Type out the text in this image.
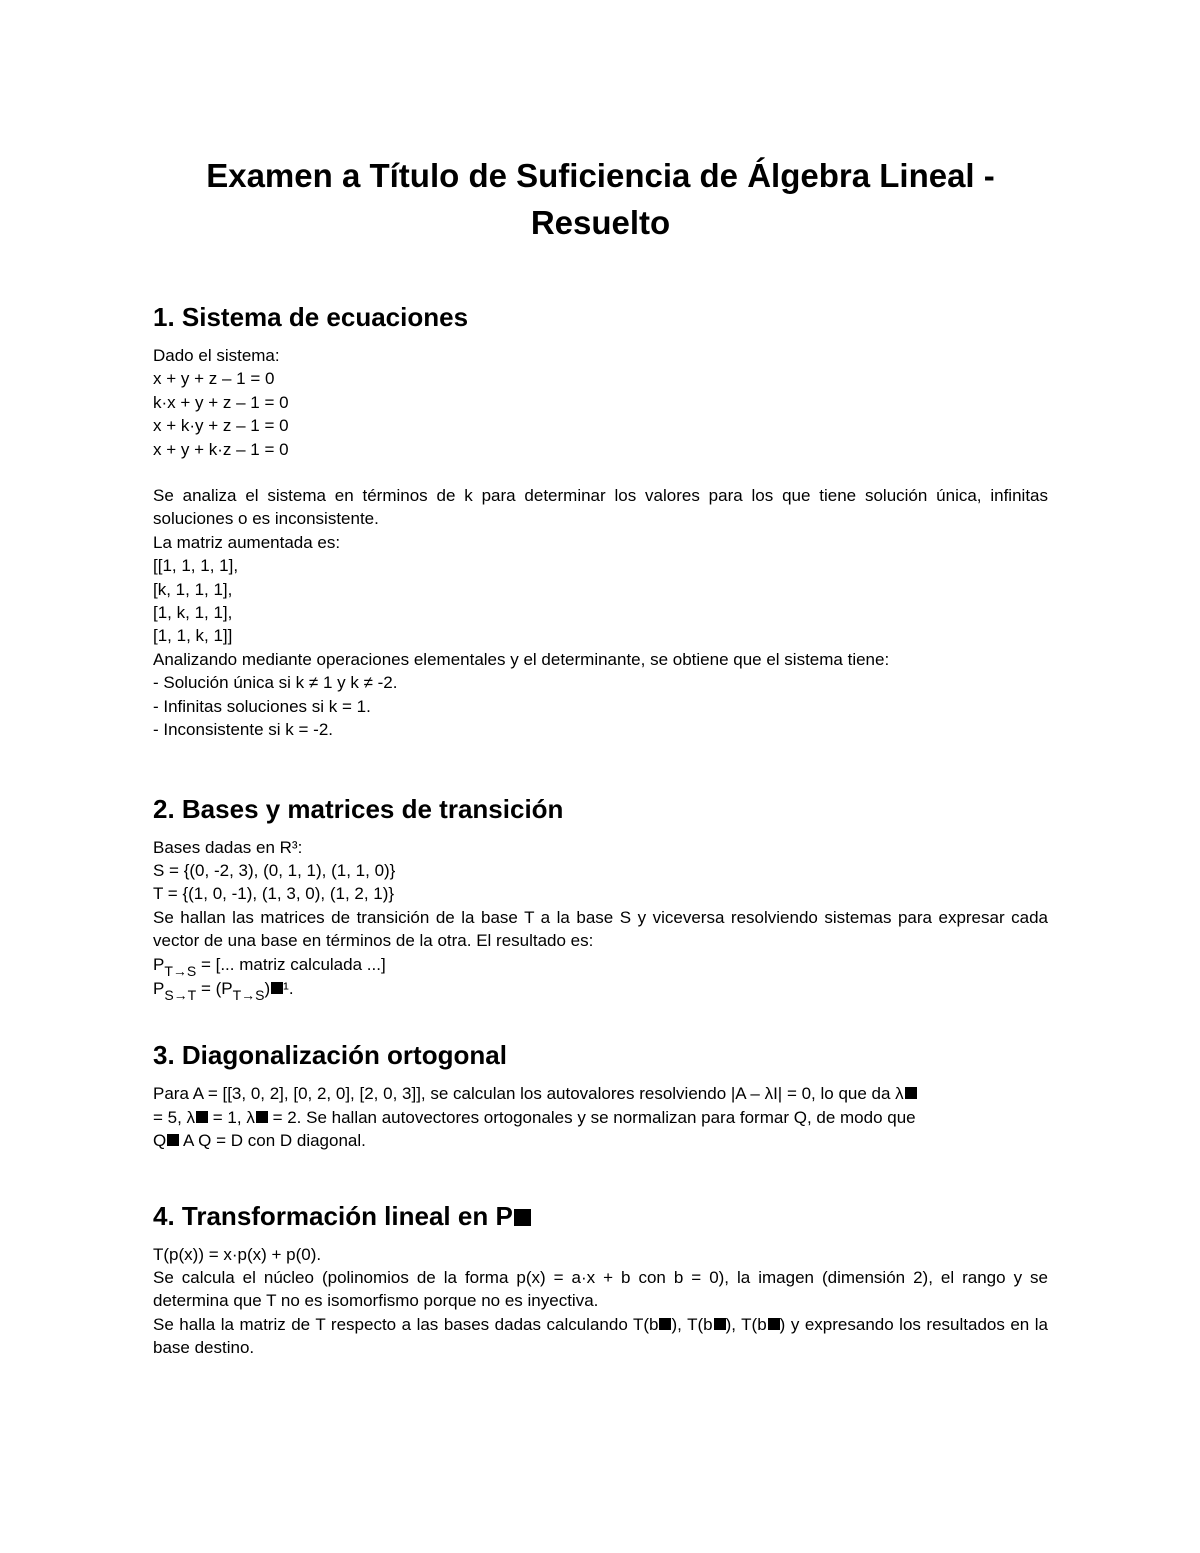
Examen a Título de Suficiencia de Álgebra Lineal - Resuelto
1. Sistema de ecuaciones
Dado el sistema:
x + y + z – 1 = 0
k·x + y + z – 1 = 0
x + k·y + z – 1 = 0
x + y + k·z – 1 = 0
Se analiza el sistema en términos de k para determinar los valores para los que tiene solución única, infinitas soluciones o es inconsistente.
La matriz aumentada es:
[[1, 1, 1, 1],
[k, 1, 1, 1],
[1, k, 1, 1],
[1, 1, k, 1]]
Analizando mediante operaciones elementales y el determinante, se obtiene que el sistema tiene:
- Solución única si k ≠ 1 y k ≠ -2.
- Infinitas soluciones si k = 1.
- Inconsistente si k = -2.
2. Bases y matrices de transición
Bases dadas en R³:
S = {(0, -2, 3), (0, 1, 1), (1, 1, 0)}
T = {(1, 0, -1), (1, 3, 0), (1, 2, 1)}
Se hallan las matrices de transición de la base T a la base S y viceversa resolviendo sistemas para expresar cada vector de una base en términos de la otra. El resultado es:
$P_{T\to S}$ = [... matriz calculada ...]
$P_{S\to T} = (P_{T\to S})$ ¹.
3. Diagonalización ortogonal
Para A = [[3, 0, 2], [0, 2, 0], [2, 0, 3]], se calculan los autovalores resolviendo |A – λI| = 0, lo que da λ
= 5, λ = 1, λ = 2. Se hallan autovectores ortogonales y se normalizan para formar Q, de modo que
Q A Q = D con D diagonal.
4. Transformación lineal en P
T(p(x)) = x·p(x) + p(0).
Se calcula el núcleo (polinomios de la forma p(x) = a·x + b con b = 0), la imagen (dimensión 2), el rango y se determina que T no es isomorfismo porque no es inyectiva.
Se halla la matriz de T respecto a las bases dadas calculando T(b ), T(b ), T(b ) y expresando los resultados en la base destino.
